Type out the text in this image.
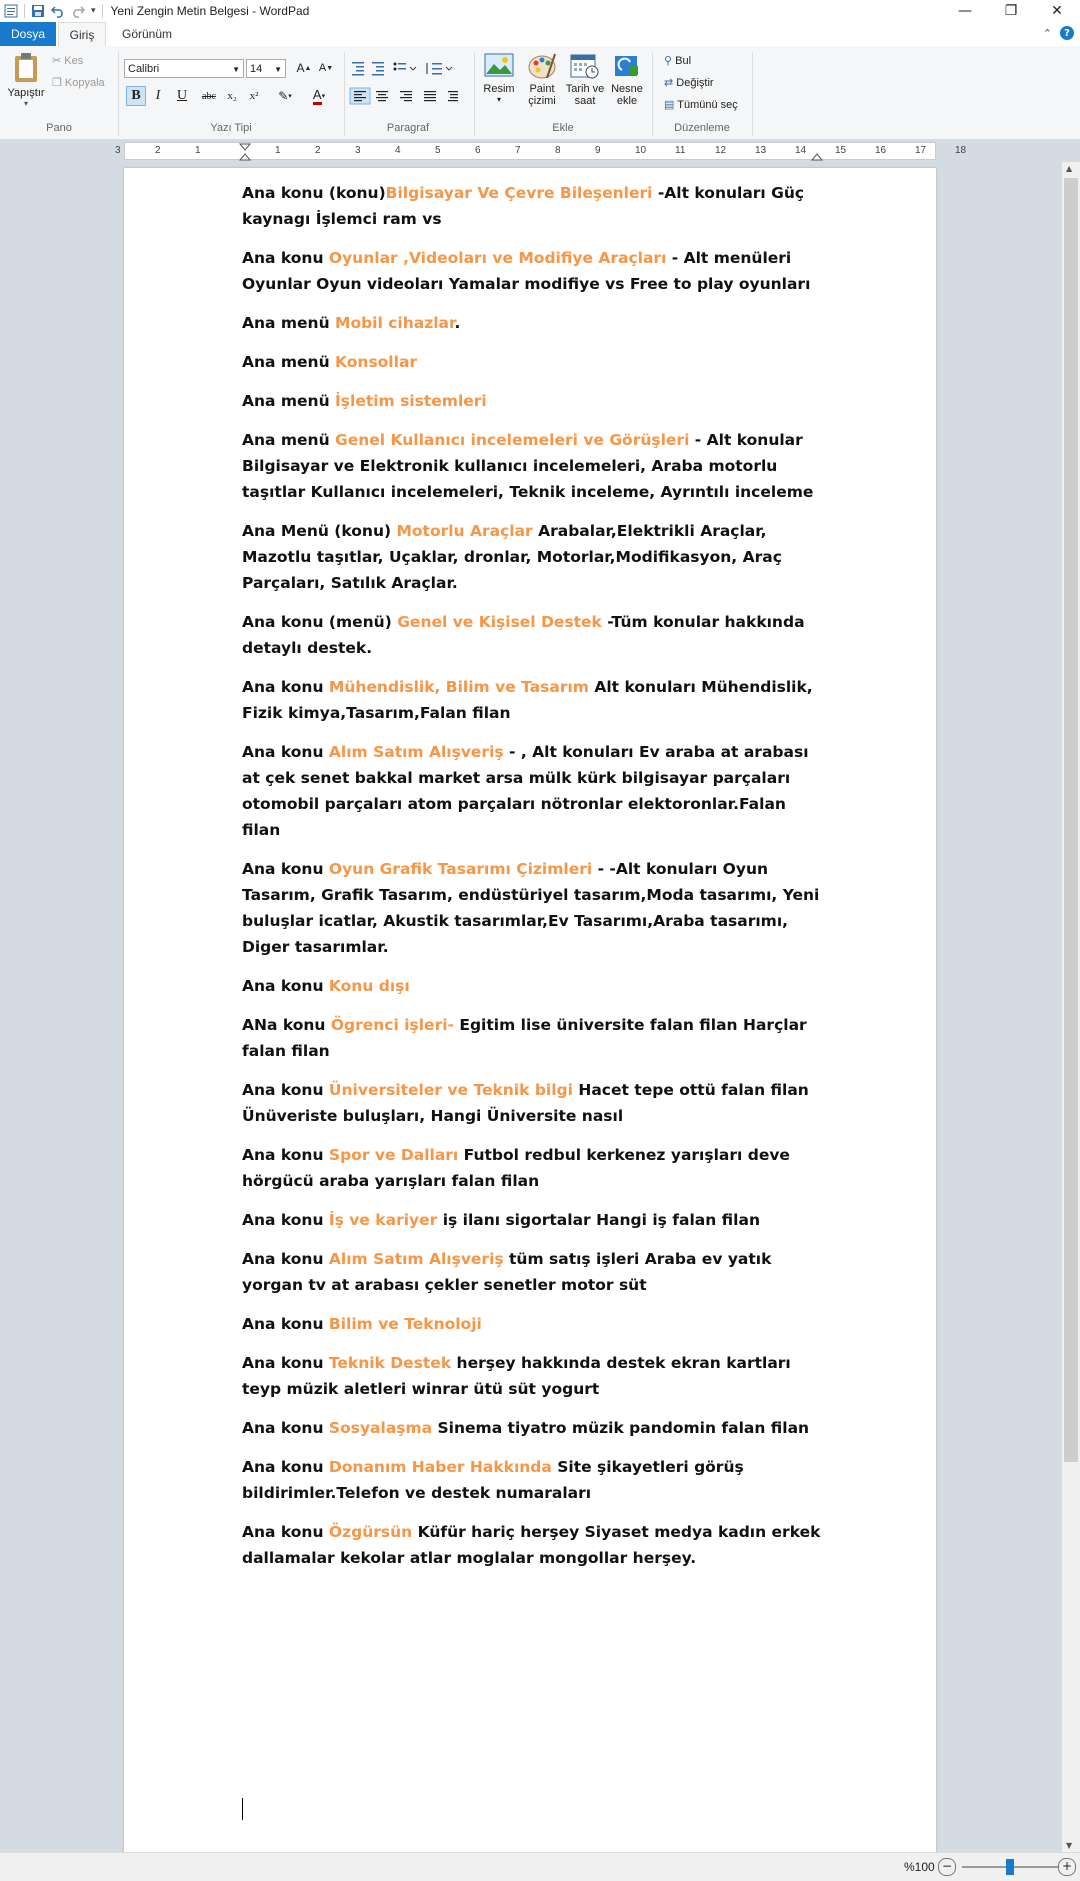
▾ Yeni Zengin Metin Belgesi - WordPad	—	❐	✕
Dosya	Giriş	Görünüm	⌃	?
Yapıştır
▾
✂ Kes
❐ Kopyala
Pano
Calibri	▼ 14 ▼ A ▲ A ▼
B	I	U	abc	x₂	x²	✎ ▾ A ▾
Yazı Tipi	Paragraf
Resim
▾
Paint
çizimi
Tarih ve
saat
Nesne
ekle
Ekle
⚲ Bul
⇄ Değiştir
▤ Tümünü seç
Düzenleme
3	2	1	1	2	3	4	5	6	7	8	9	10	11	12	13	14	15	16	17	18

Ana konu (konu)Bilgisayar Ve Çevre Bileşenleri -Alt konuları Güç kaynagı İşlemci ram vs

Ana konu Oyunlar ,Videoları ve Modifiye Araçları - Alt menüleri Oyunlar Oyun videoları Yamalar modifiye vs Free to play oyunları

Ana menü Mobil cihazlar.

Ana menü Konsollar

Ana menü İşletim sistemleri

Ana menü Genel Kullanıcı incelemeleri ve Görüşleri - Alt konular Bilgisayar ve Elektronik kullanıcı incelemeleri, Araba motorlu taşıtlar Kullanıcı incelemeleri, Teknik inceleme, Ayrıntılı inceleme

Ana Menü (konu) Motorlu Araçlar Arabalar,Elektrikli Araçlar, Mazotlu taşıtlar, Uçaklar, dronlar, Motorlar,Modifikasyon, Araç Parçaları, Satılık Araçlar.

Ana konu (menü) Genel ve Kişisel Destek -Tüm konular hakkında detaylı destek.

Ana konu Mühendislik, Bilim ve Tasarım Alt konuları Mühendislik, Fizik kimya,Tasarım,Falan filan

Ana konu Alım Satım Alışveriş - , Alt konuları Ev araba at arabası at çek senet bakkal market arsa mülk kürk bilgisayar parçaları otomobil parçaları atom parçaları nötronlar elektoronlar.Falan filan

Ana konu Oyun Grafik Tasarımı Çizimleri - -Alt konuları Oyun Tasarım, Grafik Tasarım, endüstüriyel tasarım,Moda tasarımı, Yeni buluşlar icatlar, Akustik tasarımlar,Ev Tasarımı,Araba tasarımı, Diger tasarımlar.

Ana konu Konu dışı

ANa konu Ögrenci işleri- Egitim lise üniversite falan filan Harçlar falan filan

Ana konu Üniversiteler ve Teknik bilgi Hacet tepe ottü falan filan Ünüveriste buluşları, Hangi Üniversite nasıl

Ana konu Spor ve Dalları Futbol redbul kerkenez yarışları deve hörgücü araba yarışları falan filan

Ana konu İş ve kariyer iş ilanı sigortalar Hangi iş falan filan

Ana konu Alım Satım Alışveriş tüm satış işleri Araba ev yatık yorgan tv at arabası çekler senetler motor süt

Ana konu Bilim ve Teknoloji

Ana konu Teknik Destek herşey hakkında destek ekran kartları teyp müzik aletleri winrar ütü süt yogurt

Ana konu Sosyalaşma Sinema tiyatro müzik pandomin falan filan

Ana konu Donanım Haber Hakkında Site şikayetleri görüş bildirimler.Telefon ve destek numaraları

Ana konu Özgürsün Küfür hariç herşey Siyaset medya kadın erkek dallamalar kekolar atlar moglalar mongollar herşey.

▲
▼
%100 −	+
